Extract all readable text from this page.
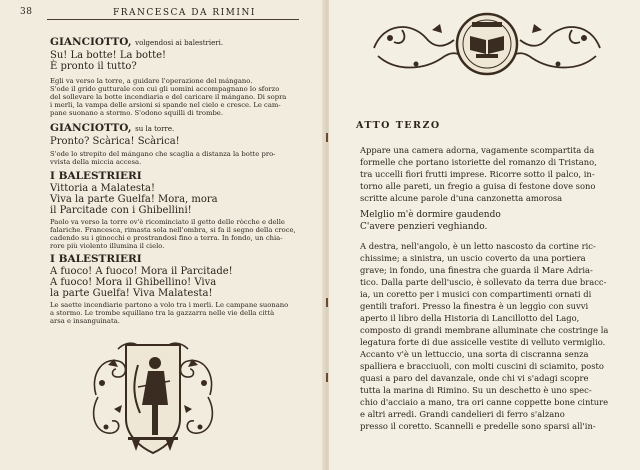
38	FRANCESCA DA RIMINI
GIANCIOTTO, volgendosi ai balestrieri.
Su! La botte! La botte!
È pronto il tutto?
Egli va verso la torre, a guidare l'operazione del mángano.
S'ode il grido gutturale con cui gli uomini accompagnano lo sforzo
del sollevare la botte incendiaria e del caricare il mángano. Di sopra
i merli, la vampa delle arsioni si spande nel cielo e cresce. Le cam-
pane suonano a stormo. S'odono squilli di trombe.
GIANCIOTTO, su la torre.
Pronto? Scàrica! Scàrica!
S'ode lo strepito del mángano che scaglia a distanza la botte pro-
vvista della miccia accesa.
I BALESTRIERI
Vittoria a Malatesta!
Viva la parte Guelfa! Mora, mora
il Parcitade con i Ghibellini!
Paolo va verso la torre ov'è ricominciato il getto delle ròcche e delle
falariche. Francesca, rimasta sola nell'ombra, si fa il segno della croce,
cadendo su i ginocchi e prostrandosi fino a terra. In fondo, un chia-
rore più violento illumina il cielo.
I BALESTRIERI
A fuoco! A fuoco! Mora il Parcitade!
A fuoco! Mora il Ghibellino! Viva
la parte Guelfa! Viva Malatesta!
Le saette incendiarie partono a volo tra i merli. Le campane suonano
a stormo. Le trombe squillano tra la gazzarra nelle vie della città
arsa e insanguinata.
ATTO TERZO
Appare una camera adorna, vagamente scompartita da
formelle che portano istoriette del romanzo di Tristano,
tra uccelli fiori frutti imprese. Ricorre sotto il palco, in-
torno alle pareti, un fregio a guisa di festone dove sono
scritte alcune parole d'una canzonetta amorosa
Melglio m'è dormire gaudendo
C'avere penzieri veghiando.
A destra, nell'angolo, è un letto nascosto da cortine ric-
chissime; a sinistra, un uscio coverto da una portiera
grave; in fondo, una finestra che guarda il Mare Adria-
tico. Dalla parte dell'uscio, è sollevato da terra due bracc-
ia, un coretto per i musici con compartimenti ornati di
gentili trafori. Presso la finestra è un leggìo con suvvi
aperto il libro della Historia di Lancillotto del Lago,
composto di grandi membrane alluminate che costringe la
legatura forte di due assicelle vestite di velluto vermiglio.
Accanto v'è un lettuccio, una sorta di ciscranna senza
spalliera e bracciuoli, con molti cuscini di sciamito, posto
quasi a paro del davanzale, onde chi vi s'adagi scopre
tutta la marina di Rimino. Su un deschetto è uno spec-
chio d'acciaio a mano, tra ori canne coppette bone cinture
e altri arredi. Grandi candelieri di ferro s'alzano
presso il coretto. Scannelli e predelle sono sparsi all'in-
